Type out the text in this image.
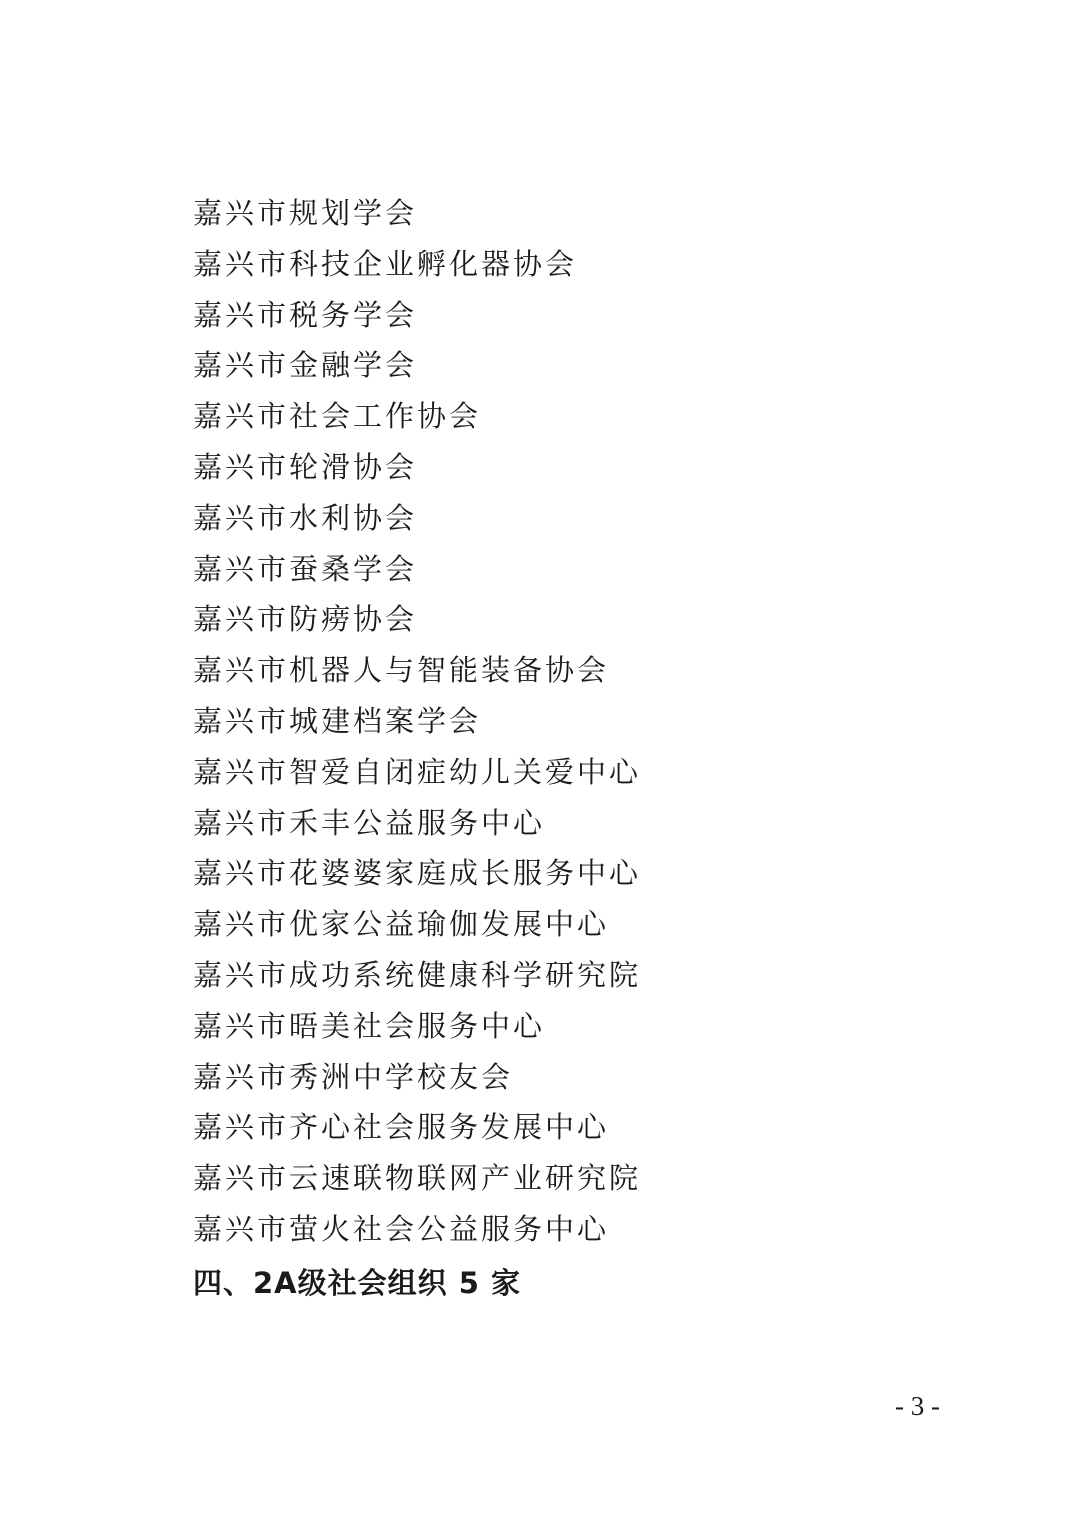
嘉兴市规划学会
嘉兴市科技企业孵化器协会
嘉兴市税务学会
嘉兴市金融学会
嘉兴市社会工作协会
嘉兴市轮滑协会
嘉兴市水利协会
嘉兴市蚕桑学会
嘉兴市防痨协会
嘉兴市机器人与智能装备协会
嘉兴市城建档案学会
嘉兴市智爱自闭症幼儿关爱中心
嘉兴市禾丰公益服务中心
嘉兴市花婆婆家庭成长服务中心
嘉兴市优家公益瑜伽发展中心
嘉兴市成功系统健康科学研究院
嘉兴市晤美社会服务中心
嘉兴市秀洲中学校友会
嘉兴市齐心社会服务发展中心
嘉兴市云速联物联网产业研究院
嘉兴市萤火社会公益服务中心
四、2A级社会组织 5 家
- 3 -
